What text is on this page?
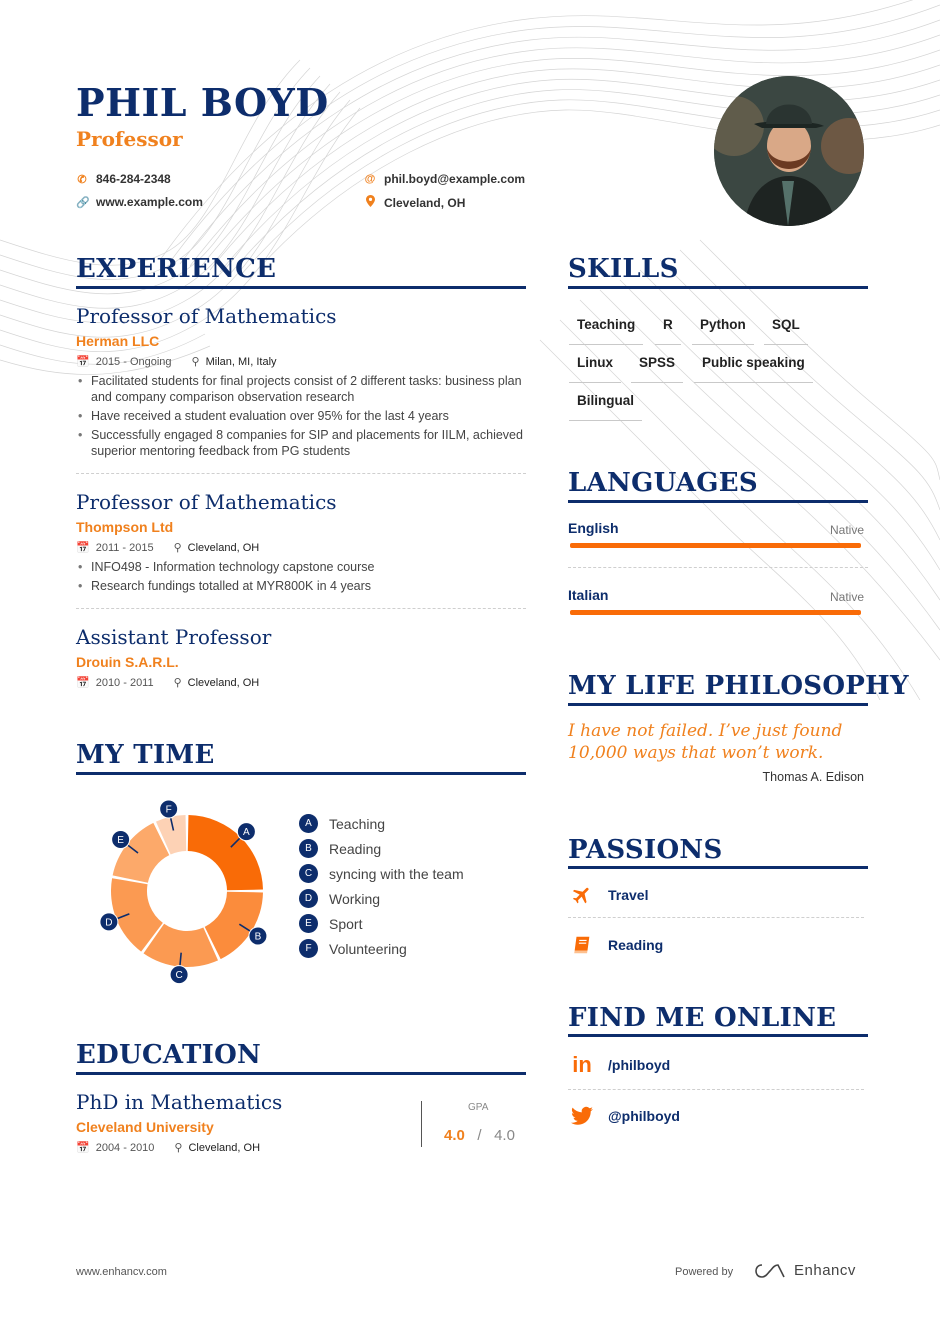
PHIL BOYD
Professor
✆ 846-284-2348
🔗 www.example.com
@ phil.boyd@example.com
Cleveland, OH
EXPERIENCE
Professor of Mathematics
Herman LLC
📅 2015 - Ongoing ⚲ Milan, MI, Italy
• Facilitated students for final projects consist of 2 different tasks: business plan and company comparison observation research
• Have received a student evaluation over 95% for the last 4 years
• Successfully engaged 8 companies for SIP and placements for IILM, achieved superior mentoring feedback from PG students
Professor of Mathematics
Thompson Ltd
📅 2011 - 2015 ⚲ Cleveland, OH
• INFO498 - Information technology capstone course
• Research fundings totalled at MYR800K in 4 years
Assistant Professor
Drouin S.A.R.L.
📅 2010 - 2011 ⚲ Cleveland, OH
MY TIME
A
B
C
D
E
F
A	Teaching
B	Reading
C	syncing with the team
D	Working
E	Sport
F	Volunteering
EDUCATION
PhD in Mathematics
Cleveland University
📅 2004 - 2010 ⚲ Cleveland, OH
GPA
4.0 / 4.0
SKILLS
Teaching	R	Python	SQL
Linux	SPSS	Public speaking
Bilingual
LANGUAGES
English	Native
Italian	Native
MY LIFE PHILOSOPHY
I have not failed. I’ve just found 10,000 ways that won’t work.
Thomas A. Edison
PASSIONS
Travel
Reading
FIND ME ONLINE
in	/philboyd
@philboyd
www.enhancv.com	Powered by	Enhancv
